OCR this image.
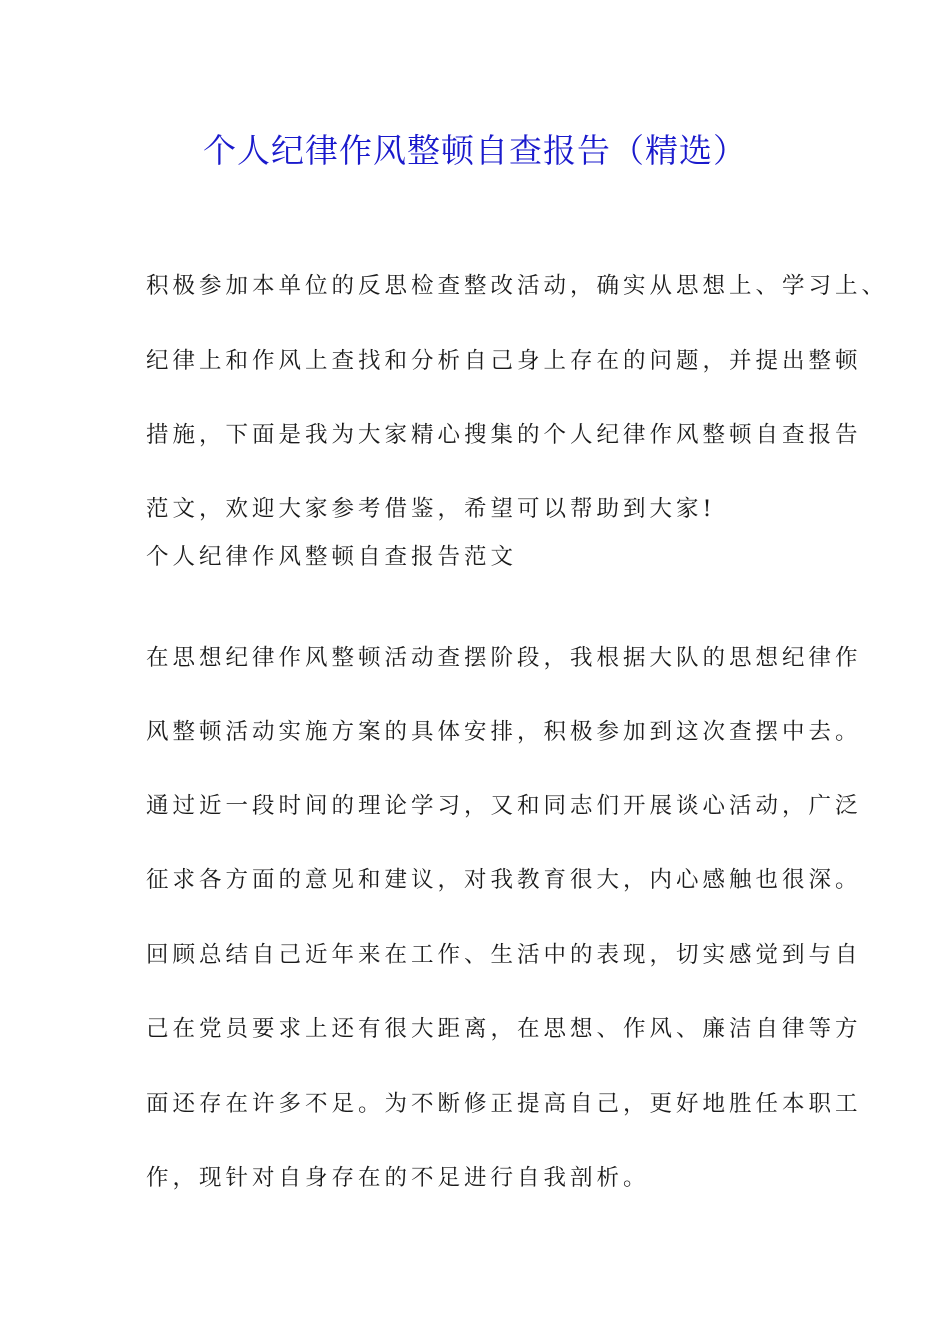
个人纪律作风整顿自查报告（精选）
积极参加本单位的反思检查整改活动，确实从思想上、学习上、
纪律上和作风上查找和分析自己身上存在的问题，并提出整顿
措施，下面是我为大家精心搜集的个人纪律作风整顿自查报告
范文，欢迎大家参考借鉴，希望可以帮助到大家!
个人纪律作风整顿自查报告范文
在思想纪律作风整顿活动查摆阶段，我根据大队的思想纪律作
风整顿活动实施方案的具体安排，积极参加到这次查摆中去。
通过近一段时间的理论学习，又和同志们开展谈心活动，广泛
征求各方面的意见和建议，对我教育很大，内心感触也很深。
回顾总结自己近年来在工作、生活中的表现，切实感觉到与自
己在党员要求上还有很大距离，在思想、作风、廉洁自律等方
面还存在许多不足。为不断修正提高自己，更好地胜任本职工
作，现针对自身存在的不足进行自我剖析。
